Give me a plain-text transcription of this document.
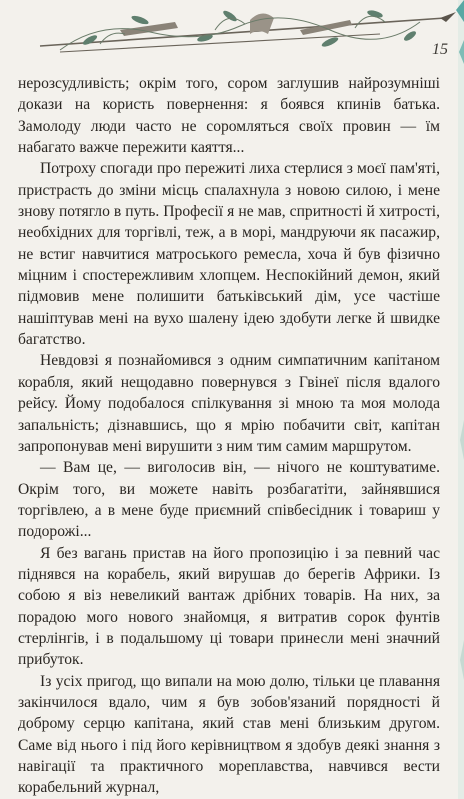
15

нерозсудливість; окрім того, сором заглушив найрозумніші докази на користь повернення: я боявся кпинів батька. Замолоду люди часто не соромляться своїх провин — їм набагато важче пережити каяття...

Потроху спогади про пережиті лиха стерлися з моєї пам'яті, пристрасть до зміни місць спалахнула з новою силою, і мене знову потягло в путь. Професії я не мав, спритності й хитрості, необхідних для торгівлі, теж, а в морі, мандруючи як пасажир, не встиг навчитися матроського ремесла, хоча й був фізично міцним і спостережливим хлопцем. Неспокійний демон, який підмовив мене полишити батьківський дім, усе частіше нашіптував мені на вухо шалену ідею здобути легке й швидке багатство.

Невдовзі я познайомився з одним симпатичним капітаном корабля, який нещодавно повернувся з Гвінеї після вдалого рейсу. Йому подобалося спілкування зі мною та моя молода запальність; дізнавшись, що я мрію побачити світ, капітан запропонував мені вирушити з ним тим самим маршрутом.

— Вам це, — виголосив він, — нічого не коштуватиме. Окрім того, ви можете навіть розбагатіти, зайнявшися торгівлею, а в мене буде приємний співбесідник і товариш у подорожі...

Я без вагань пристав на його пропозицію і за певний час піднявся на корабель, який вирушав до берегів Африки. Із собою я віз невеликий вантаж дрібних товарів. На них, за порадою мого нового знайомця, я витратив сорок фунтів стерлінгів, і в подальшому ці товари принесли мені значний прибуток.

Із усіх пригод, що випали на мою долю, тільки це плавання закінчилося вдало, чим я був зобов'язаний порядності й доброму серцю капітана, який став мені близьким другом. Саме від нього і під його керівництвом я здобув деякі знання з навігації та практичного мореплавства, навчився вести корабельний журнал,
